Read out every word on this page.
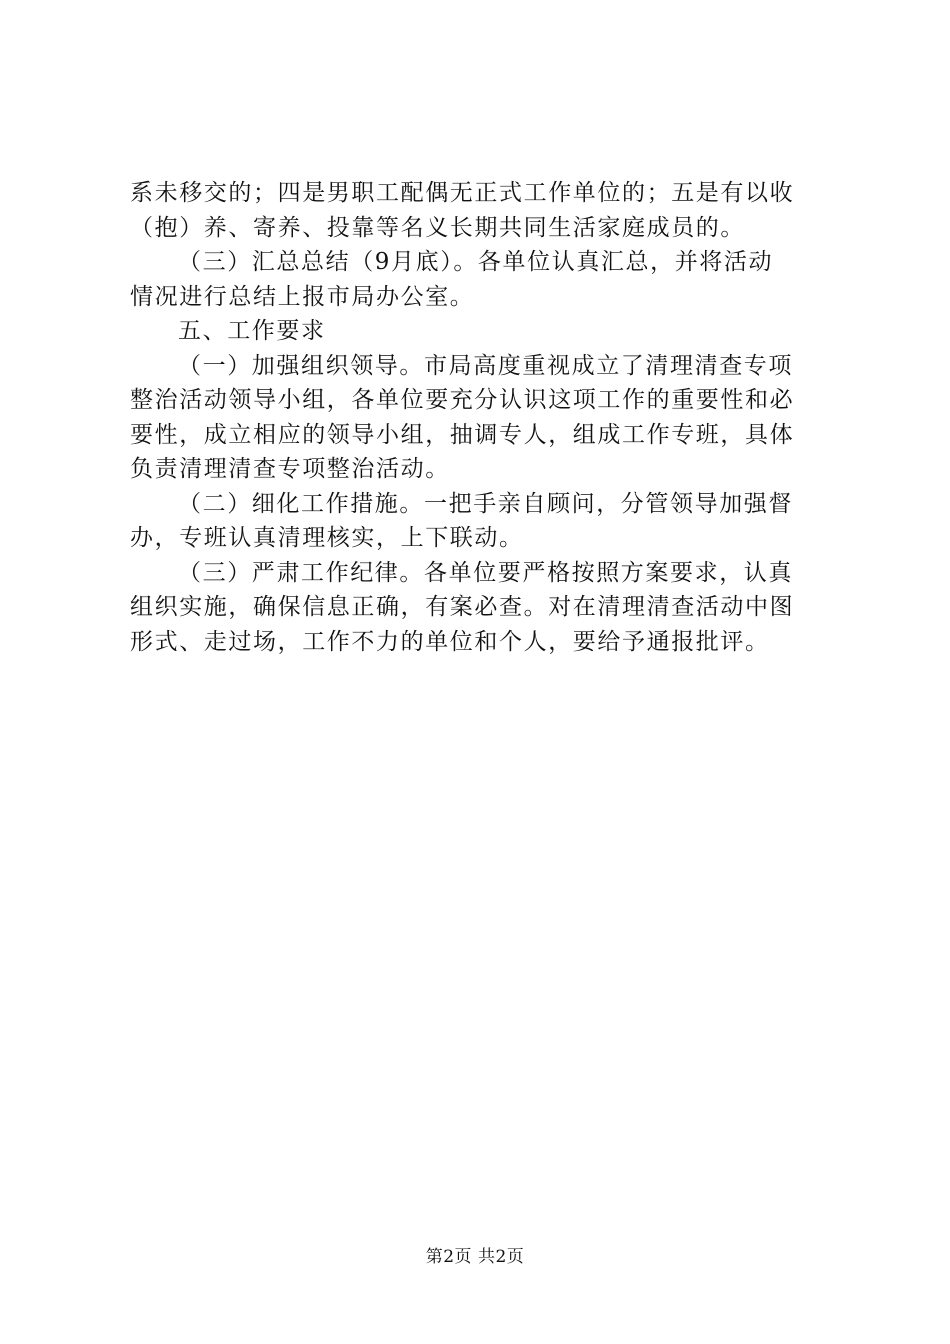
系未移交的；四是男职工配偶无正式工作单位的；五是有以收
（抱）养、寄养、投靠等名义长期共同生活家庭成员的。
（三）汇总总结（9月底）。各单位认真汇总，并将活动
情况进行总结上报市局办公室。
五、工作要求
（一）加强组织领导。市局高度重视成立了清理清查专项
整治活动领导小组，各单位要充分认识这项工作的重要性和必
要性，成立相应的领导小组，抽调专人，组成工作专班，具体
负责清理清查专项整治活动。
（二）细化工作措施。一把手亲自顾问，分管领导加强督
办，专班认真清理核实，上下联动。
（三）严肃工作纪律。各单位要严格按照方案要求，认真
组织实施，确保信息正确，有案必查。对在清理清查活动中图
形式、走过场，工作不力的单位和个人，要给予通报批评。

第2页 共2页
